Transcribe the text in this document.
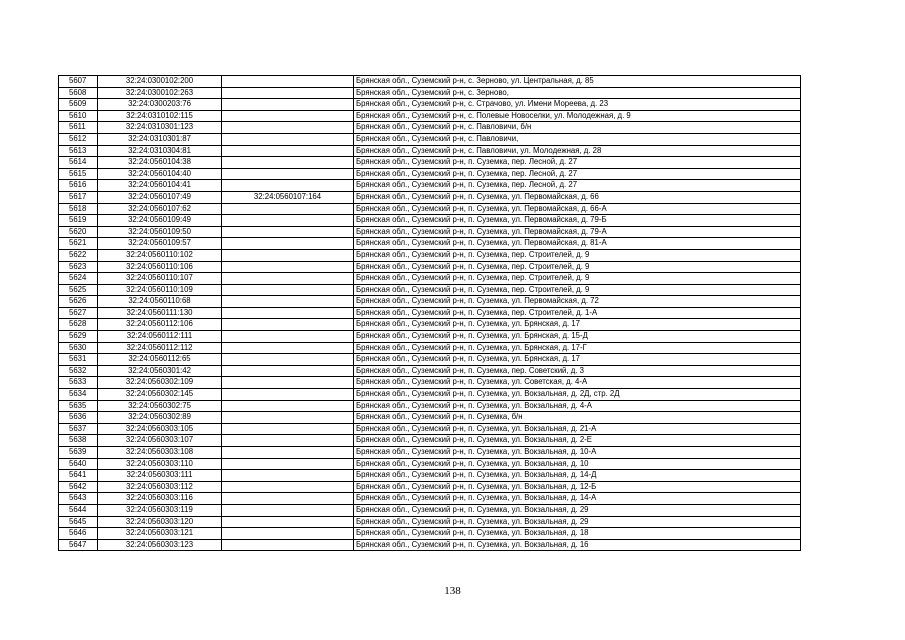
5607	32:24:0300102:200		Брянская обл., Суземский р-н, с. Зерново, ул. Центральная, д. 85
5608	32:24:0300102:263		Брянская обл., Суземский р-н, с. Зерново,
5609	32:24:0300203:76		Брянская обл., Суземский р-н, с. Страчово, ул. Имени Мореева, д. 23
5610	32:24:0310102:115		Брянская обл., Суземский р-н, с. Полевые Новоселки, ул. Молодежная, д. 9
5611	32:24:0310301:123		Брянская обл., Суземский р-н, с. Павловичи, б/н
5612	32:24:0310301:87		Брянская обл., Суземский р-н, с. Павловичи,
5613	32:24:0310304:81		Брянская обл., Суземский р-н, с. Павловичи, ул. Молодежная, д. 28
5614	32:24:0560104:38		Брянская обл., Суземский р-н, п. Суземка, пер. Лесной, д. 27
5615	32:24:0560104:40		Брянская обл., Суземский р-н, п. Суземка, пер. Лесной, д. 27
5616	32:24:0560104:41		Брянская обл., Суземский р-н, п. Суземка, пер. Лесной, д. 27
5617	32:24:0560107:49	32:24:0560107:164	Брянская обл., Суземский р-н, п. Суземка, ул. Первомайская, д. 66
5618	32:24:0560107:62		Брянская обл., Суземский р-н, п. Суземка, ул. Первомайская, д. 66-А
5619	32:24:0560109:49		Брянская обл., Суземский р-н, п. Суземка, ул. Первомайская, д. 79-Б
5620	32:24:0560109:50		Брянская обл., Суземский р-н, п. Суземка, ул. Первомайская, д. 79-А
5621	32:24:0560109:57		Брянская обл., Суземский р-н, п. Суземка, ул. Первомайская, д. 81-А
5622	32:24:0560110:102		Брянская обл., Суземский р-н, п. Суземка, пер. Строителей, д. 9
5623	32:24:0560110:106		Брянская обл., Суземский р-н, п. Суземка, пер. Строителей, д. 9
5624	32:24:0560110:107		Брянская обл., Суземский р-н, п. Суземка, пер. Строителей, д. 9
5625	32:24:0560110:109		Брянская обл., Суземский р-н, п. Суземка, пер. Строителей, д. 9
5626	32:24:0560110:68		Брянская обл., Суземский р-н, п. Суземка, ул. Первомайская, д. 72
5627	32:24:0560111:130		Брянская обл., Суземский р-н, п. Суземка, пер. Строителей, д. 1-А
5628	32:24:0560112:106		Брянская обл., Суземский р-н, п. Суземка, ул. Брянская, д. 17
5629	32:24:0560112:111		Брянская обл., Суземский р-н, п. Суземка, ул. Брянская, д. 15-Д
5630	32:24:0560112:112		Брянская обл., Суземский р-н, п. Суземка, ул. Брянская, д. 17-Г
5631	32:24:0560112:65		Брянская обл., Суземский р-н, п. Суземка, ул. Брянская, д. 17
5632	32:24:0560301:42		Брянская обл., Суземский р-н, п. Суземка, пер. Советский, д. 3
5633	32:24:0560302:109		Брянская обл., Суземский р-н, п. Суземка, ул. Советская, д. 4-А
5634	32:24:0560302:145		Брянская обл., Суземский р-н, п. Суземка, ул. Вокзальная, д. 2Д, стр. 2Д
5635	32:24:0560302:75		Брянская обл., Суземский р-н, п. Суземка, ул. Вокзальная, д. 4-А
5636	32:24:0560302:89		Брянская обл., Суземский р-н, п. Суземка, б/н
5637	32:24:0560303:105		Брянская обл., Суземский р-н, п. Суземка, ул. Вокзальная, д. 21-А
5638	32:24:0560303:107		Брянская обл., Суземский р-н, п. Суземка, ул. Вокзальная, д. 2-Е
5639	32:24:0560303:108		Брянская обл., Суземский р-н, п. Суземка, ул. Вокзальная, д. 10-А
5640	32:24:0560303:110		Брянская обл., Суземский р-н, п. Суземка, ул. Вокзальная, д. 10
5641	32:24:0560303:111		Брянская обл., Суземский р-н, п. Суземка, ул. Вокзальная, д. 14-Д
5642	32:24:0560303:112		Брянская обл., Суземский р-н, п. Суземка, ул. Вокзальная, д. 12-Б
5643	32:24:0560303:116		Брянская обл., Суземский р-н, п. Суземка, ул. Вокзальная, д. 14-А
5644	32:24:0560303:119		Брянская обл., Суземский р-н, п. Суземка, ул. Вокзальная, д. 29
5645	32:24:0560303:120		Брянская обл., Суземский р-н, п. Суземка, ул. Вокзальная, д. 29
5646	32:24:0560303:121		Брянская обл., Суземский р-н, п. Суземка, ул. Вокзальная, д. 18
5647	32:24:0560303:123		Брянская обл., Суземский р-н, п. Суземка, ул. Вокзальная, д. 16
138
